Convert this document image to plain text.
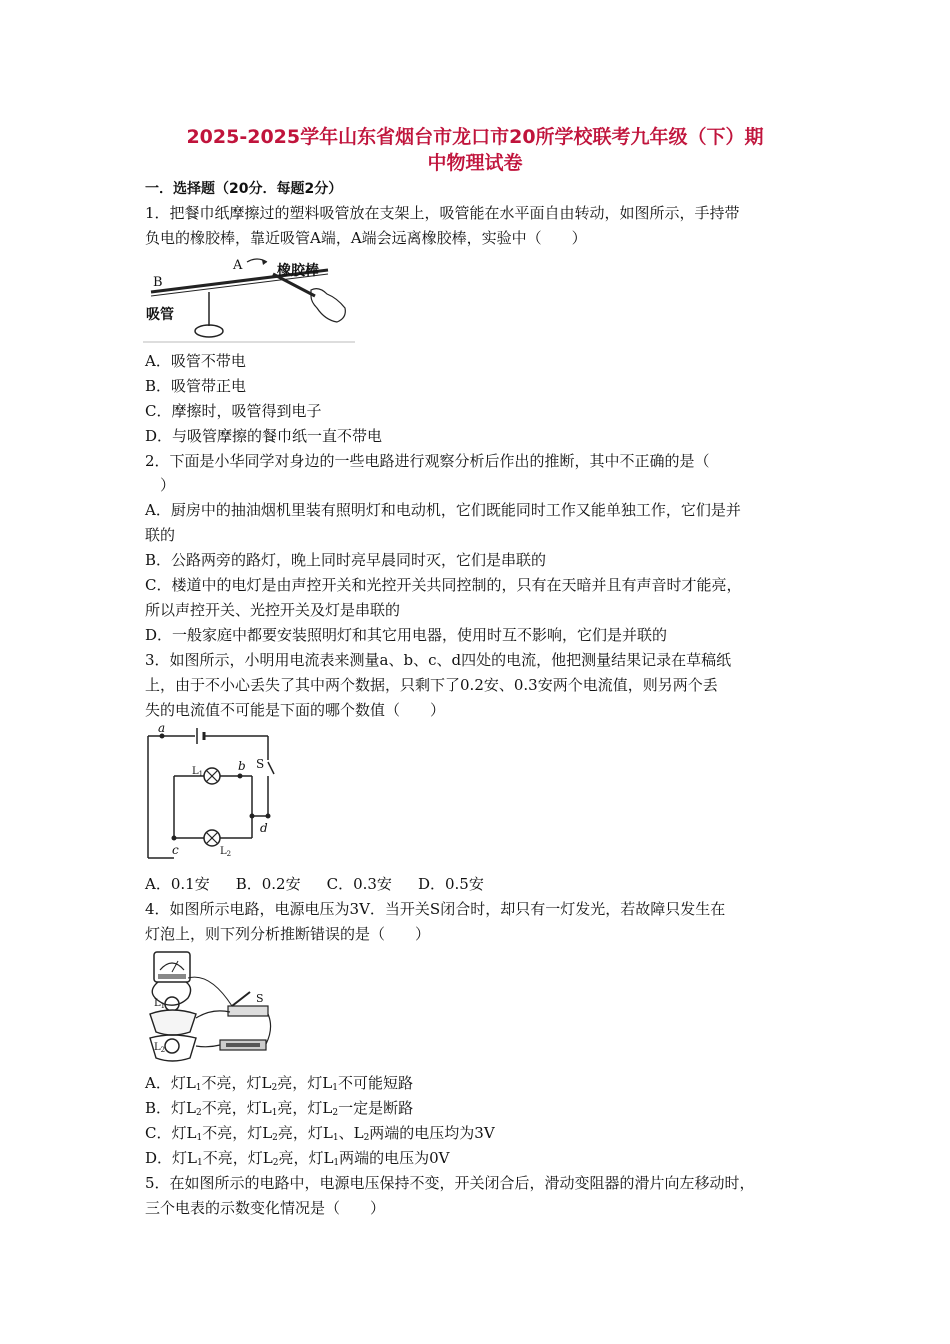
2025-2025学年山东省烟台市龙口市20所学校联考九年级（下）期
中物理试卷
一．选择题（20分．每题2分）
1．把餐巾纸摩擦过的塑料吸管放在支架上，吸管能在水平面自由转动，如图所示，手持带
负电的橡胶棒，靠近吸管A端，A端会远离橡胶棒，实验中（　　）
A
B
吸管
橡胶棒
A．吸管不带电
B．吸管带正电
C．摩擦时，吸管得到电子
D．与吸管摩擦的餐巾纸一直不带电
2．下面是小华同学对身边的一些电路进行观察分析后作出的推断，其中不正确的是（
　）
A．厨房中的抽油烟机里装有照明灯和电动机，它们既能同时工作又能单独工作，它们是并
联的
B．公路两旁的路灯，晚上同时亮早晨同时灭，它们是串联的
C．楼道中的电灯是由声控开关和光控开关共同控制的，只有在天暗并且有声音时才能亮，
所以声控开关、光控开关及灯是串联的
D．一般家庭中都要安装照明灯和其它用电器，使用时互不影响，它们是并联的
3．如图所示，小明用电流表来测量a、b、c、d四处的电流，他把测量结果记录在草稿纸
上，由于不小心丢失了其中两个数据，只剩下了0.2安、0.3安两个电流值，则另两个丢
失的电流值不可能是下面的哪个数值（　　）
a
b
c
d
S
$L_1$
$L_2$
A．0.1安 B．0.2安 C．0.3安 D．0.5安
4．如图所示电路，电源电压为3V．当开关S闭合时，却只有一灯发光，若故障只发生在
灯泡上，则下列分析推断错误的是（　　）
S
$L_1$
$L_2$
A．灯$L_1$不亮，灯$L_2$亮，灯$L_1$不可能短路
B．灯$L_2$不亮，灯$L_1$亮，灯$L_2$一定是断路
C．灯$L_1$不亮，灯$L_2$亮，灯$L_1$、$L_2$两端的电压均为3V
D．灯$L_1$不亮，灯$L_2$亮，灯$L_1$两端的电压为0V
5．在如图所示的电路中，电源电压保持不变，开关闭合后，滑动变阻器的滑片向左移动时，
三个电表的示数变化情况是（　　）
